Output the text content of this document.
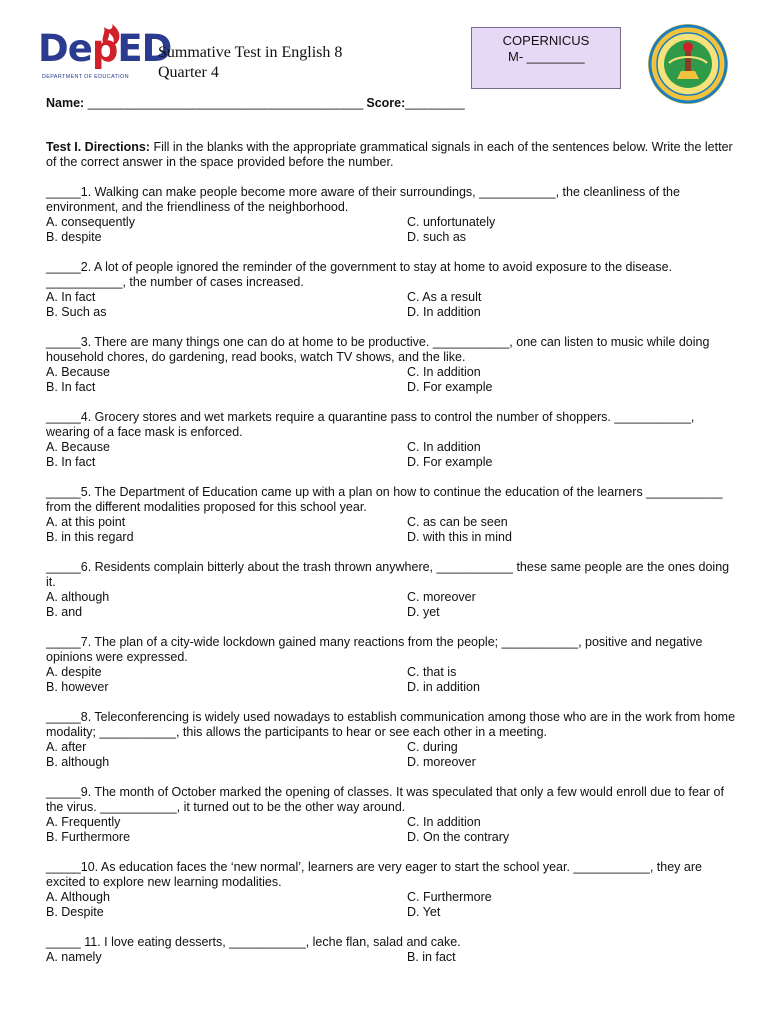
DepED
DEPARTMENT OF EDUCATION
Summative Test in English 8
Quarter 4
COPERNICUS
M- ________
Name: __________________________________________ Score:_________
Test I. Directions: Fill in the blanks with the appropriate grammatical signals in each of the sentences below. Write the letter of the correct answer in the space provided before the number.
_____1. Walking can make people become more aware of their surroundings, ___________, the cleanliness of the environment, and the friendliness of the neighborhood.
A. consequently	C. unfortunately
B. despite	D. such as
_____2. A lot of people ignored the reminder of the government to stay at home to avoid exposure to the disease. ___________, the number of cases increased.
A. In fact	C. As a result
B. Such as	D. In addition
_____3. There are many things one can do at home to be productive. ___________, one can listen to music while doing household chores, do gardening, read books, watch TV shows, and the like.
A. Because	C. In addition
B. In fact	D. For example
_____4. Grocery stores and wet markets require a quarantine pass to control the number of shoppers. ___________, wearing of a face mask is enforced.
A. Because	C. In addition
B. In fact	D. For example
_____5. The Department of Education came up with a plan on how to continue the education of the learners ___________ from the different modalities proposed for this school year.
A. at this point	C. as can be seen
B. in this regard	D. with this in mind
_____6. Residents complain bitterly about the trash thrown anywhere, ___________ these same people are the ones doing it.
A. although	C. moreover
B. and	D. yet
_____7. The plan of a city-wide lockdown gained many reactions from the people; ___________, positive and negative opinions were expressed.
A. despite	C. that is
B. however	D. in addition
_____8. Teleconferencing is widely used nowadays to establish communication among those who are in the work from home modality; ___________, this allows the participants to hear or see each other in a meeting.
A. after	C. during
B. although	D. moreover
_____9. The month of October marked the opening of classes. It was speculated that only a few would enroll due to fear of the virus. ___________, it turned out to be the other way around.
A. Frequently	C. In addition
B. Furthermore	D. On the contrary
_____10. As education faces the ‘new normal’, learners are very eager to start the school year. ___________, they are excited to explore new learning modalities.
A. Although	C. Furthermore
B. Despite	D. Yet
_____ 11. I love eating desserts, ___________, leche flan, salad and cake.
A. namely	B. in fact
